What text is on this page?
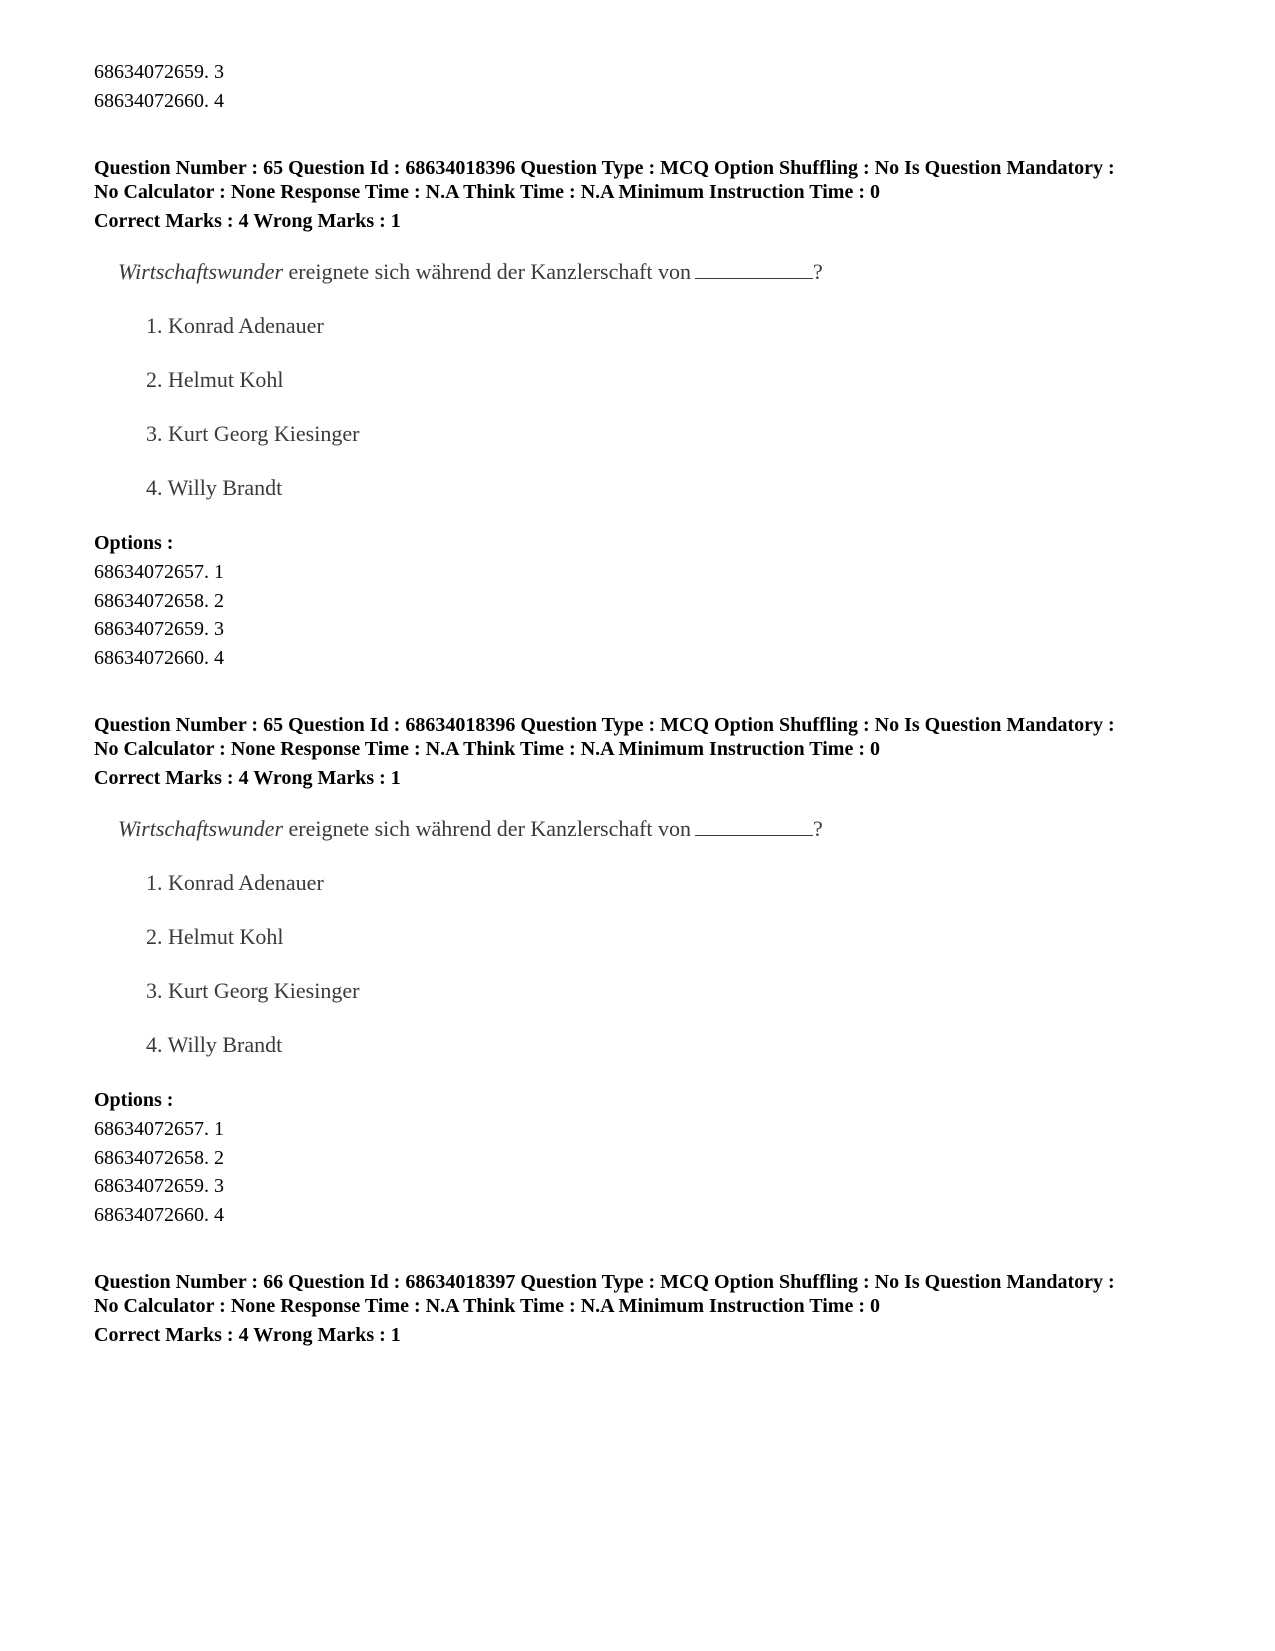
68634072659. 3
68634072660. 4
Question Number : 65 Question Id : 68634018396 Question Type : MCQ Option Shuffling : No Is Question Mandatory :
No Calculator : None Response Time : N.A Think Time : N.A Minimum Instruction Time : 0
Correct Marks : 4 Wrong Marks : 1
Wirtschaftswunder ereignete sich während der Kanzlerschaft von	?
1. Konrad Adenauer
2. Helmut Kohl
3. Kurt Georg Kiesinger
4. Willy Brandt
Options :
68634072657. 1
68634072658. 2
68634072659. 3
68634072660. 4
Question Number : 65 Question Id : 68634018396 Question Type : MCQ Option Shuffling : No Is Question Mandatory :
No Calculator : None Response Time : N.A Think Time : N.A Minimum Instruction Time : 0
Correct Marks : 4 Wrong Marks : 1
Wirtschaftswunder ereignete sich während der Kanzlerschaft von	?
1. Konrad Adenauer
2. Helmut Kohl
3. Kurt Georg Kiesinger
4. Willy Brandt
Options :
68634072657. 1
68634072658. 2
68634072659. 3
68634072660. 4
Question Number : 66 Question Id : 68634018397 Question Type : MCQ Option Shuffling : No Is Question Mandatory :
No Calculator : None Response Time : N.A Think Time : N.A Minimum Instruction Time : 0
Correct Marks : 4 Wrong Marks : 1
